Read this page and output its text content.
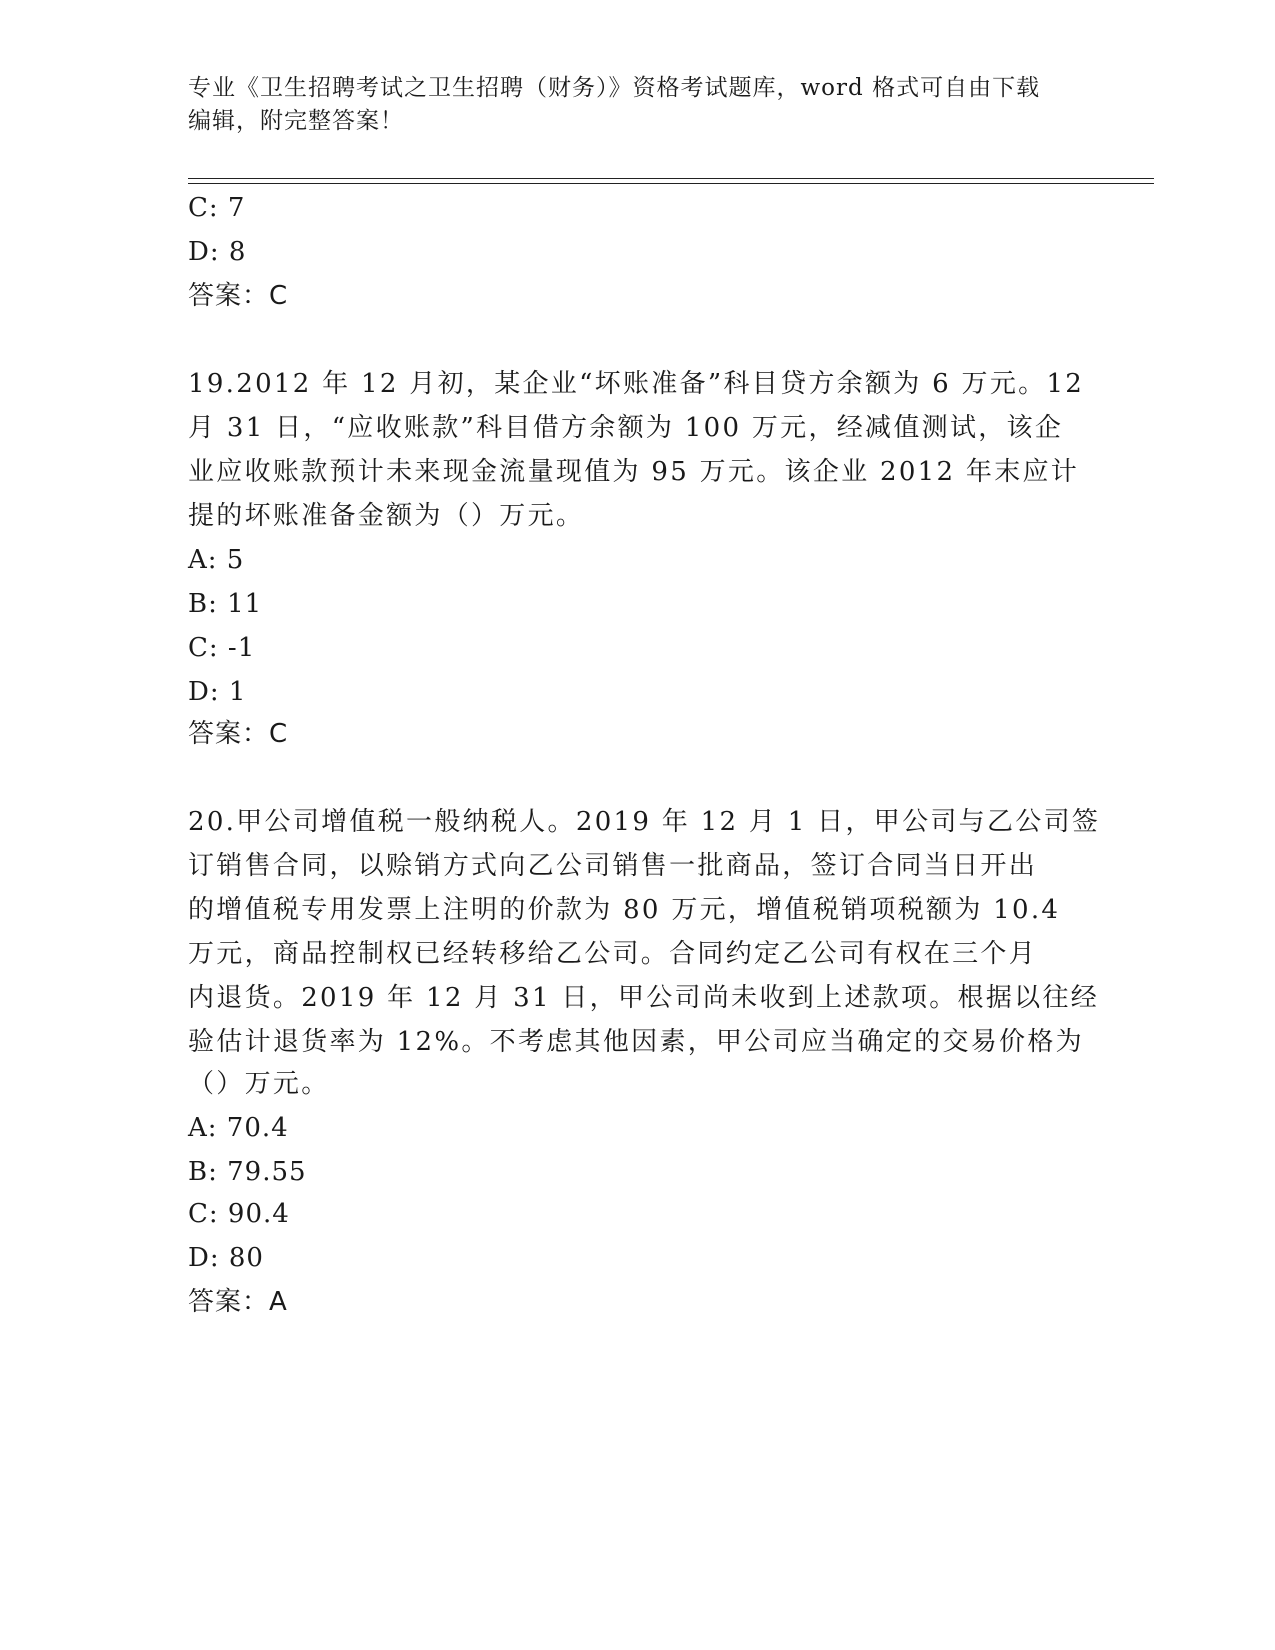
专业《卫生招聘考试之卫生招聘（财务）》资格考试题库，word 格式可自由下载
编辑，附完整答案！
C: 7
D: 8
答案：C
19.2012 年 12 月初，某企业“坏账准备”科目贷方余额为 6 万元。12
月 31 日，“应收账款”科目借方余额为 100 万元，经减值测试，该企
业应收账款预计未来现金流量现值为 95 万元。该企业 2012 年末应计
提的坏账准备金额为（）万元。
A: 5
B: 11
C: -1
D: 1
答案：C
20.甲公司增值税一般纳税人。2019 年 12 月 1 日，甲公司与乙公司签
订销售合同，以赊销方式向乙公司销售一批商品，签订合同当日开出
的增值税专用发票上注明的价款为 80 万元，增值税销项税额为 10.4
万元，商品控制权已经转移给乙公司。合同约定乙公司有权在三个月
内退货。2019 年 12 月 31 日，甲公司尚未收到上述款项。根据以往经
验估计退货率为 12%。不考虑其他因素，甲公司应当确定的交易价格为
（）万元。
A: 70.4
B: 79.55
C: 90.4
D: 80
答案：A
